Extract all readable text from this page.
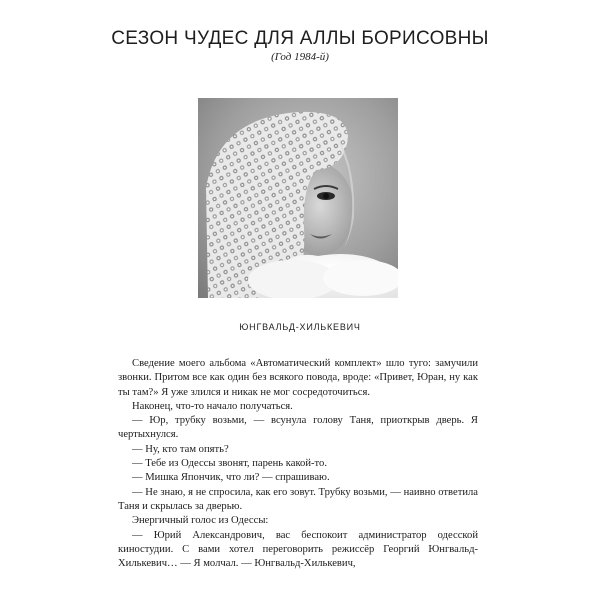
СЕЗОН ЧУДЕС ДЛЯ АЛЛЫ БОРИСОВНЫ
(Год 1984-й)
ЮНГВАЛЬД-ХИЛЬКЕВИЧ

Сведение моего альбома «Автоматический комплект» шло туго: замучили звонки. Притом все как один без всякого повода, вроде: «Привет, Юран, ну как ты там?» Я уже злился и никак не мог сосредоточиться.

Наконец, что-то начало получаться.

— Юр, трубку возьми, — всунула голову Таня, приоткрыв дверь. Я чертыхнулся.

— Ну, кто там опять?

— Тебе из Одессы звонят, парень какой-то.

— Мишка Япончик, что ли? — спрашиваю.

— Не знаю, я не спросила, как его зовут. Трубку возьми, — наивно ответила Таня и скрылась за дверью.

Энергичный голос из Одессы:

— Юрий Александрович, вас беспокоит администратор одесской киностудии. С вами хотел переговорить режиссёр Георгий Юнгвальд-Хилькевич… — Я молчал. — Юнгвальд-Хилькевич,
